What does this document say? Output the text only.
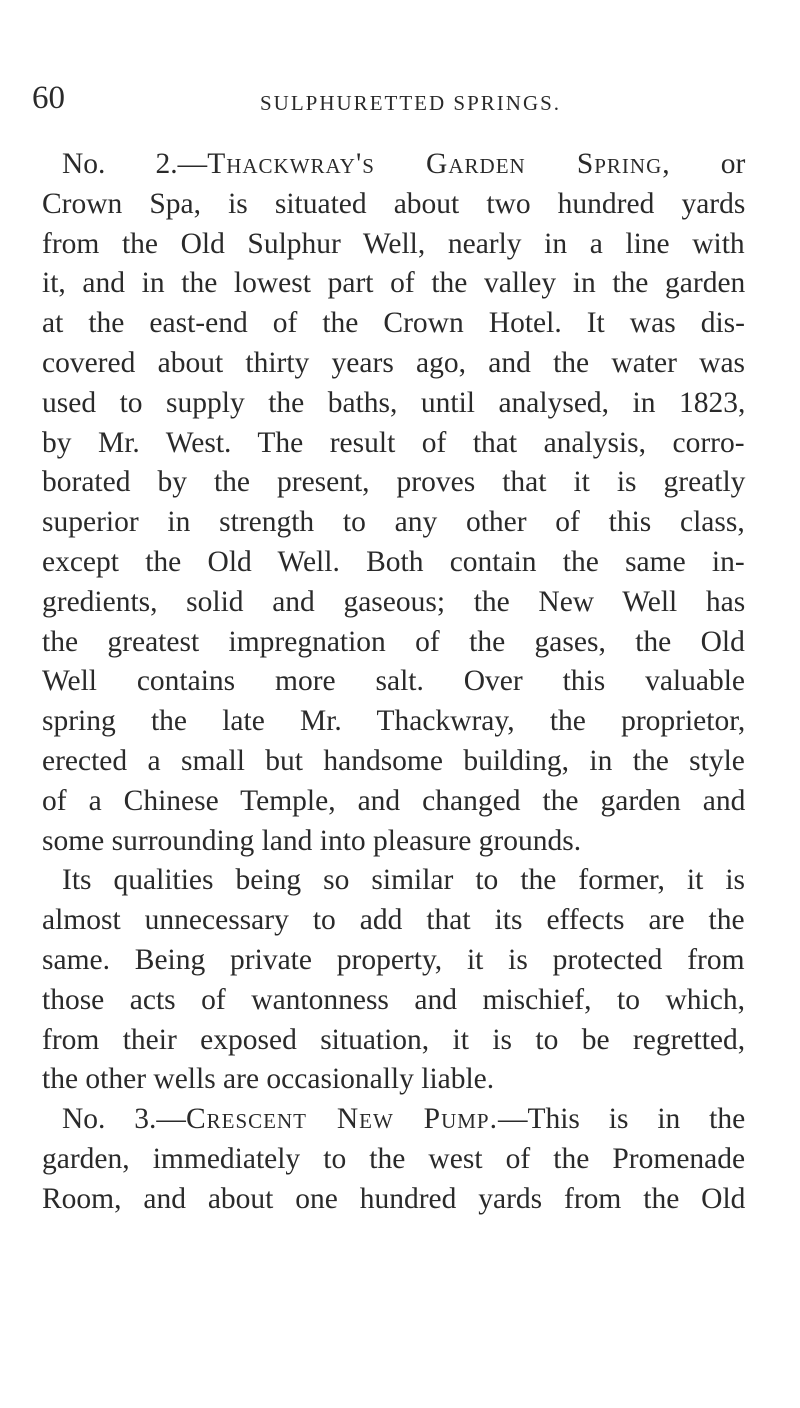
60	SULPHURETTED SPRINGS.
No. 2.—Thackwray's Garden Spring, or
Crown Spa, is situated about two hundred yards
from the Old Sulphur Well, nearly in a line with
it, and in the lowest part of the valley in the garden
at the east-end of the Crown Hotel. It was dis-
covered about thirty years ago, and the water was
used to supply the baths, until analysed, in 1823,
by Mr. West. The result of that analysis, corro-
borated by the present, proves that it is greatly
superior in strength to any other of this class,
except the Old Well. Both contain the same in-
gredients, solid and gaseous; the New Well has
the greatest impregnation of the gases, the Old
Well contains more salt. Over this valuable
spring the late Mr. Thackwray, the proprietor,
erected a small but handsome building, in the style
of a Chinese Temple, and changed the garden and
some surrounding land into pleasure grounds.
Its qualities being so similar to the former, it is
almost unnecessary to add that its effects are the
same. Being private property, it is protected from
those acts of wantonness and mischief, to which,
from their exposed situation, it is to be regretted,
the other wells are occasionally liable.
No. 3.—Crescent New Pump.—This is in the
garden, immediately to the west of the Promenade
Room, and about one hundred yards from the Old
